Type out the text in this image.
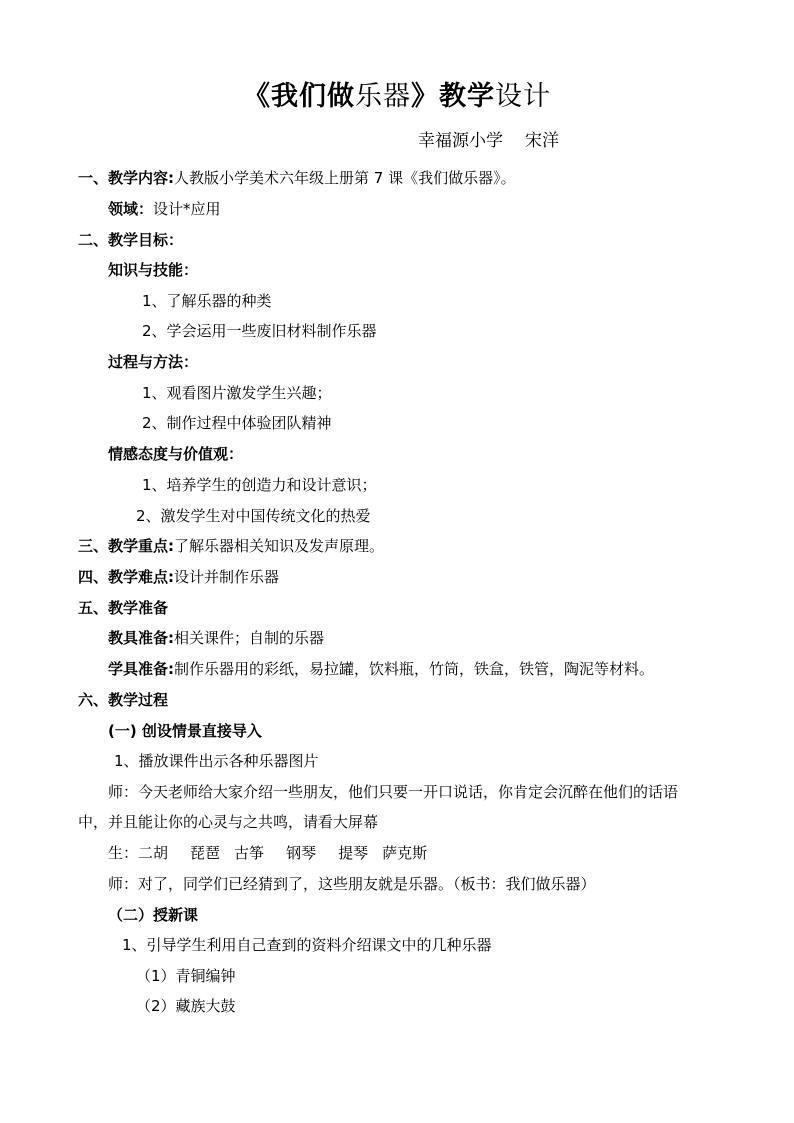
《我们做乐器》教学设计
幸福源小学 宋洋
一、教学内容:人教版小学美术六年级上册第 7 课《我们做乐器》。
领域：设计*应用
二、教学目标：
知识与技能：
1、了解乐器的种类
2、学会运用一些废旧材料制作乐器
过程与方法：
1、观看图片激发学生兴趣；
2、制作过程中体验团队精神
情感态度与价值观：
1、培养学生的创造力和设计意识；
2、激发学生对中国传统文化的热爱
三、教学重点:了解乐器相关知识及发声原理。
四、教学难点:设计并制作乐器
五、教学准备
教具准备:相关课件；自制的乐器
学具准备:制作乐器用的彩纸，易拉罐，饮料瓶，竹筒，铁盒，铁管，陶泥等材料。
六、教学过程
(一) 创设情景直接导入
1、播放课件出示各种乐器图片
师：今天老师给大家介绍一些朋友，他们只要一开口说话，你肯定会沉醉在他们的话语
中，并且能让你的心灵与之共鸣，请看大屏幕
生：二胡 琵琶 古筝 钢琴 提琴 萨克斯
师：对了，同学们已经猜到了，这些朋友就是乐器。（板书：我们做乐器）
（二）授新课
1、引导学生利用自己查到的资料介绍课文中的几种乐器
（1）青铜编钟
（2）藏族大鼓
